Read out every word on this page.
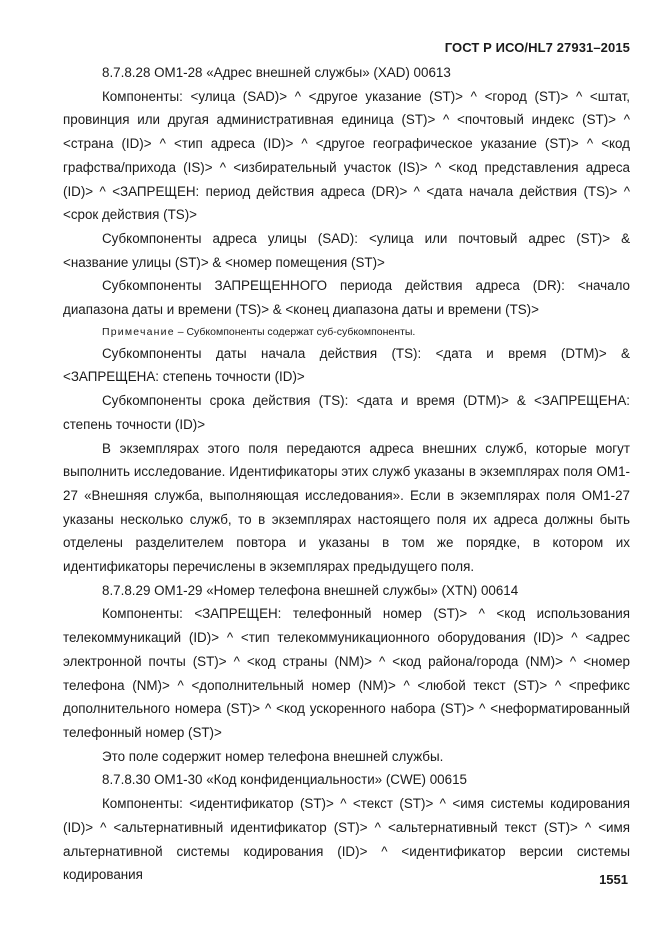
ГОСТ Р ИСО/HL7 27931–2015

8.7.8.28 OM1-28 «Адрес внешней службы» (XAD) 00613

Компоненты: <улица (SAD)> ^ <другое указание (ST)> ^ <город (ST)> ^ <штат, провинция или другая административная единица (ST)> ^ <почтовый индекс (ST)> ^ <страна (ID)> ^ <тип адреса (ID)> ^ <другое географическое указание (ST)> ^ <код графства/прихода (IS)> ^ <избирательный участок (IS)> ^ <код представления адреса (ID)> ^ <ЗАПРЕЩЕН: период действия адреса (DR)> ^ <дата начала действия (TS)> ^ <срок действия (TS)>

Субкомпоненты адреса улицы (SAD): <улица или почтовый адрес (ST)> & <название улицы (ST)> & <номер помещения (ST)>

Субкомпоненты ЗАПРЕЩЕННОГО периода действия адреса (DR): <начало диапазона даты и времени (TS)> & <конец диапазона даты и времени (TS)>

Примечание – Субкомпоненты содержат суб-субкомпоненты.

Субкомпоненты даты начала действия (TS): <дата и время (DTM)> & <ЗАПРЕЩЕНА: степень точности (ID)>

Субкомпоненты срока действия (TS): <дата и время (DTM)> & <ЗАПРЕЩЕНА: степень точности (ID)>

В экземплярах этого поля передаются адреса внешних служб, которые могут выполнить исследование. Идентификаторы этих служб указаны в экземплярах поля OM1-27 «Внешняя служба, выполняющая исследования». Если в экземплярах поля OM1-27 указаны несколько служб, то в экземплярах настоящего поля их адреса должны быть отделены разделителем повтора и указаны в том же порядке, в котором их идентификаторы перечислены в экземплярах предыдущего поля.

8.7.8.29 OM1-29 «Номер телефона внешней службы» (XTN) 00614

Компоненты: <ЗАПРЕЩЕН: телефонный номер (ST)> ^ <код использования телекоммуникаций (ID)> ^ <тип телекоммуникационного оборудования (ID)> ^ <адрес электронной почты (ST)> ^ <код страны (NM)> ^ <код района/города (NM)> ^ <номер телефона (NM)> ^ <дополнительный номер (NM)> ^ <любой текст (ST)> ^ <префикс дополнительного номера (ST)> ^ <код ускоренного набора (ST)> ^ <неформатированный телефонный номер (ST)>

Это поле содержит номер телефона внешней службы.

8.7.8.30 OM1-30 «Код конфиденциальности» (CWE) 00615

Компоненты: <идентификатор (ST)> ^ <текст (ST)> ^ <имя системы кодирования (ID)> ^ <альтернативный идентификатор (ST)> ^ <альтернативный текст (ST)> ^ <имя альтернативной системы кодирования (ID)> ^ <идентификатор версии системы кодирования	1551
